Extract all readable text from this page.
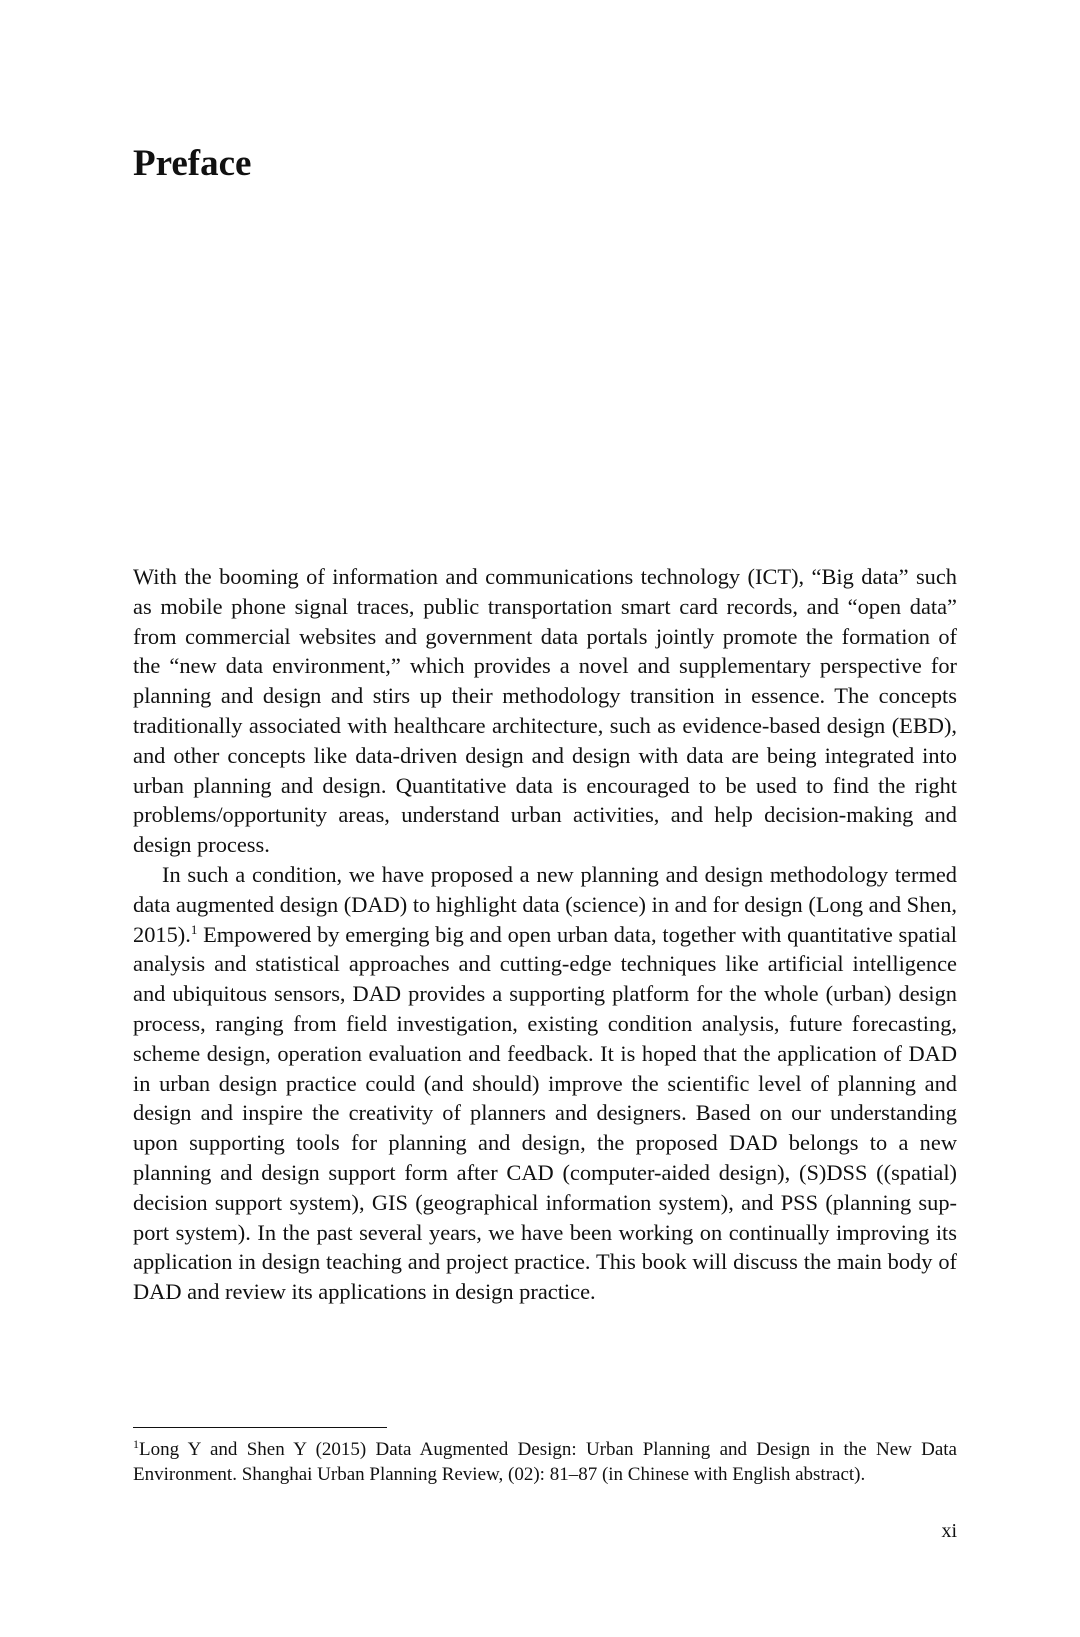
Preface

With the booming of information and communications technology (ICT), “Big data” such as mobile phone signal traces, public transportation smart card records, and “open data” from commercial websites and government data portals jointly promote the formation of the “new data environment,” which provides a novel and supplementary perspective for planning and design and stirs up their methodology transition in essence. The concepts traditionally associated with healthcare architecture, such as evidence-based design (EBD), and other concepts like data-driven design and design with data are being integrated into urban planning and design. Quantitative data is encouraged to be used to find the right problems/opportunity areas, understand urban activities, and help decision-making and design process.

In such a condition, we have proposed a new planning and design methodology termed data augmented design (DAD) to highlight data (science) in and for design (Long and Shen, 2015).$^1$ Empowered by emerging big and open urban data, together with quantitative spatial analysis and statistical approaches and cutting-edge techniques like artificial intelligence and ubiquitous sensors, DAD provides a supporting platform for the whole (urban) design process, ranging from field investigation, existing condition analysis, future forecasting, scheme design, operation evaluation and feedback. It is hoped that the application of DAD in urban design practice could (and should) improve the scientific level of planning and design and inspire the creativity of planners and designers. Based on our understanding upon supporting tools for planning and design, the proposed DAD belongs to a new planning and design support form after CAD (computer-aided design), (S)DSS ((spatial) decision support system), GIS (geographical information system), and PSS (planning support system). In the past several years, we have been working on continually improving its application in design teaching and project practice. This book will discuss the main body of DAD and review its applications in design practice.

$^1$Long Y and Shen Y (2015) Data Augmented Design: Urban Planning and Design in the New Data Environment. Shanghai Urban Planning Review, (02): 81–87 (in Chinese with English abstract).

xi
